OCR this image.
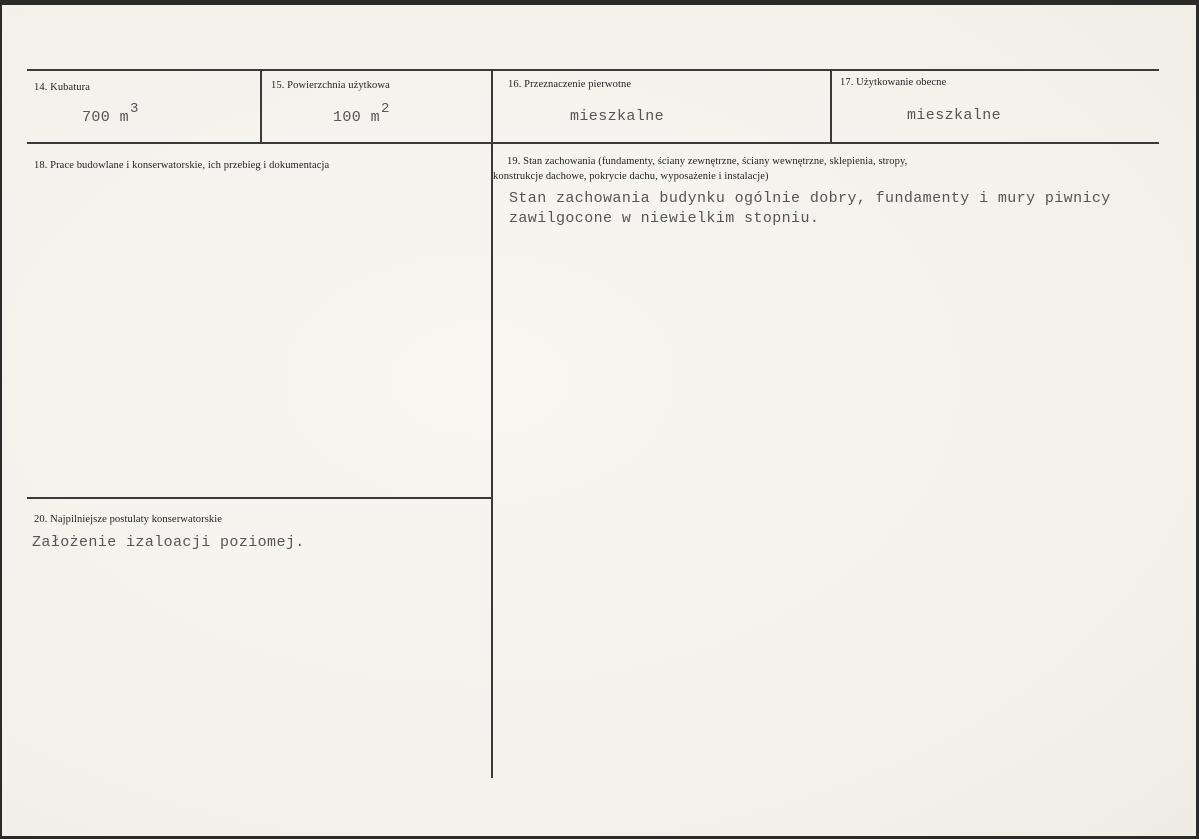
14. Kubatura
700 m 3
15. Powierzchnia użytkowa
100 m 2
16. Przeznaczenie pierwotne
mieszkalne
17. Użytkowanie obecne
mieszkalne
18. Prace budowlane i konserwatorskie, ich przebieg i dokumentacja	19. Stan zachowania (fundamenty, ściany zewnętrzne, ściany wewnętrzne, sklepienia, stropy,
konstrukcje dachowe, pokrycie dachu, wyposażenie i instalacje)
Stan zachowania budynku ogólnie dobry, fundamenty i mury piwnicy
zawilgocone w niewielkim stopniu.
20. Najpilniejsze postulaty konserwatorskie
Założenie izaloacji poziomej.
